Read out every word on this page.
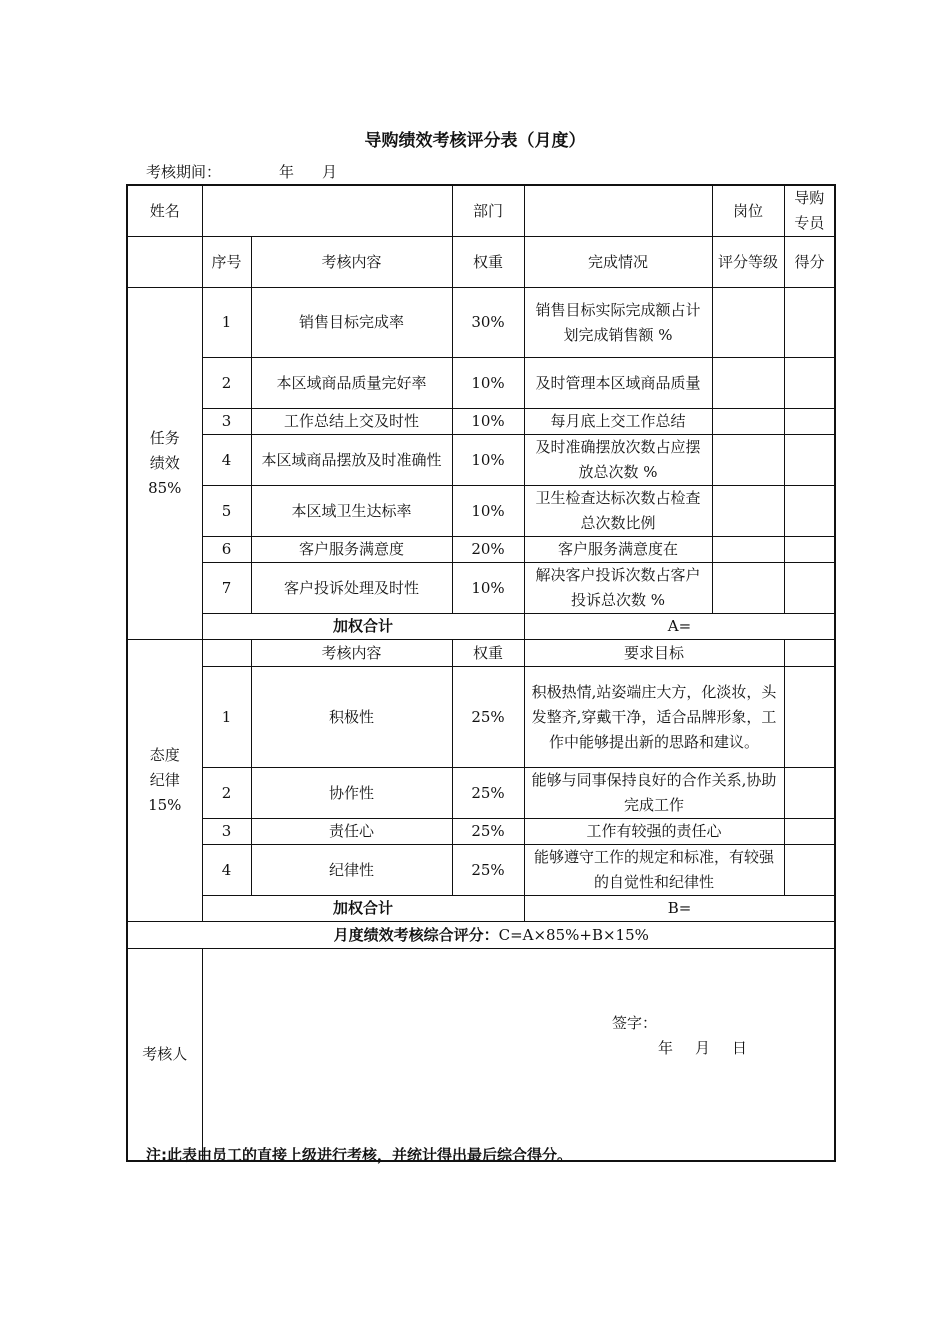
导购绩效考核评分表（月度）
考核期间：	年 月
姓名			部门		岗位	导购专员
	序号	考核内容	权重	完成情况	评分等级	得分

任务绩效
85%	1	销售目标完成率	30%	销售目标实际完成额占计划完成销售额 %		
	2	本区域商品质量完好率	10%	及时管理本区域商品质量		
	3	工作总结上交及时性	10%	每月底上交工作总结		
	4	本区域商品摆放及时准确性	10%	及时准确摆放次数占应摆放总次数 %		
	5	本区域卫生达标率	10%	卫生检查达标次数占检查总次数比例		
	6	客户服务满意度	20%	客户服务满意度在		
	7	客户投诉处理及时性	10%	解决客户投诉次数占客户投诉总次数 %		
	加权合计			A=		

态度纪律
15%		考核内容	权重	要求目标		
	1	积极性	25%	积极热情,站姿端庄大方，化淡妆，头发整齐,穿戴干净，适合品牌形象，工作中能够提出新的思路和建议。		
	2	协作性	25%	能够与同事保持良好的合作关系,协助完成工作		
	3	责任心	25%	工作有较强的责任心		
	4	纪律性	25%	能够遵守工作的规定和标准，有较强的自觉性和纪律性		
	加权合计			B=		
月度绩效考核综合评分：C=A×85%+B×15%						
考核人						
签字：
年 月 日
注:此表由员工的直接上级进行考核，并统计得出最后综合得分。
